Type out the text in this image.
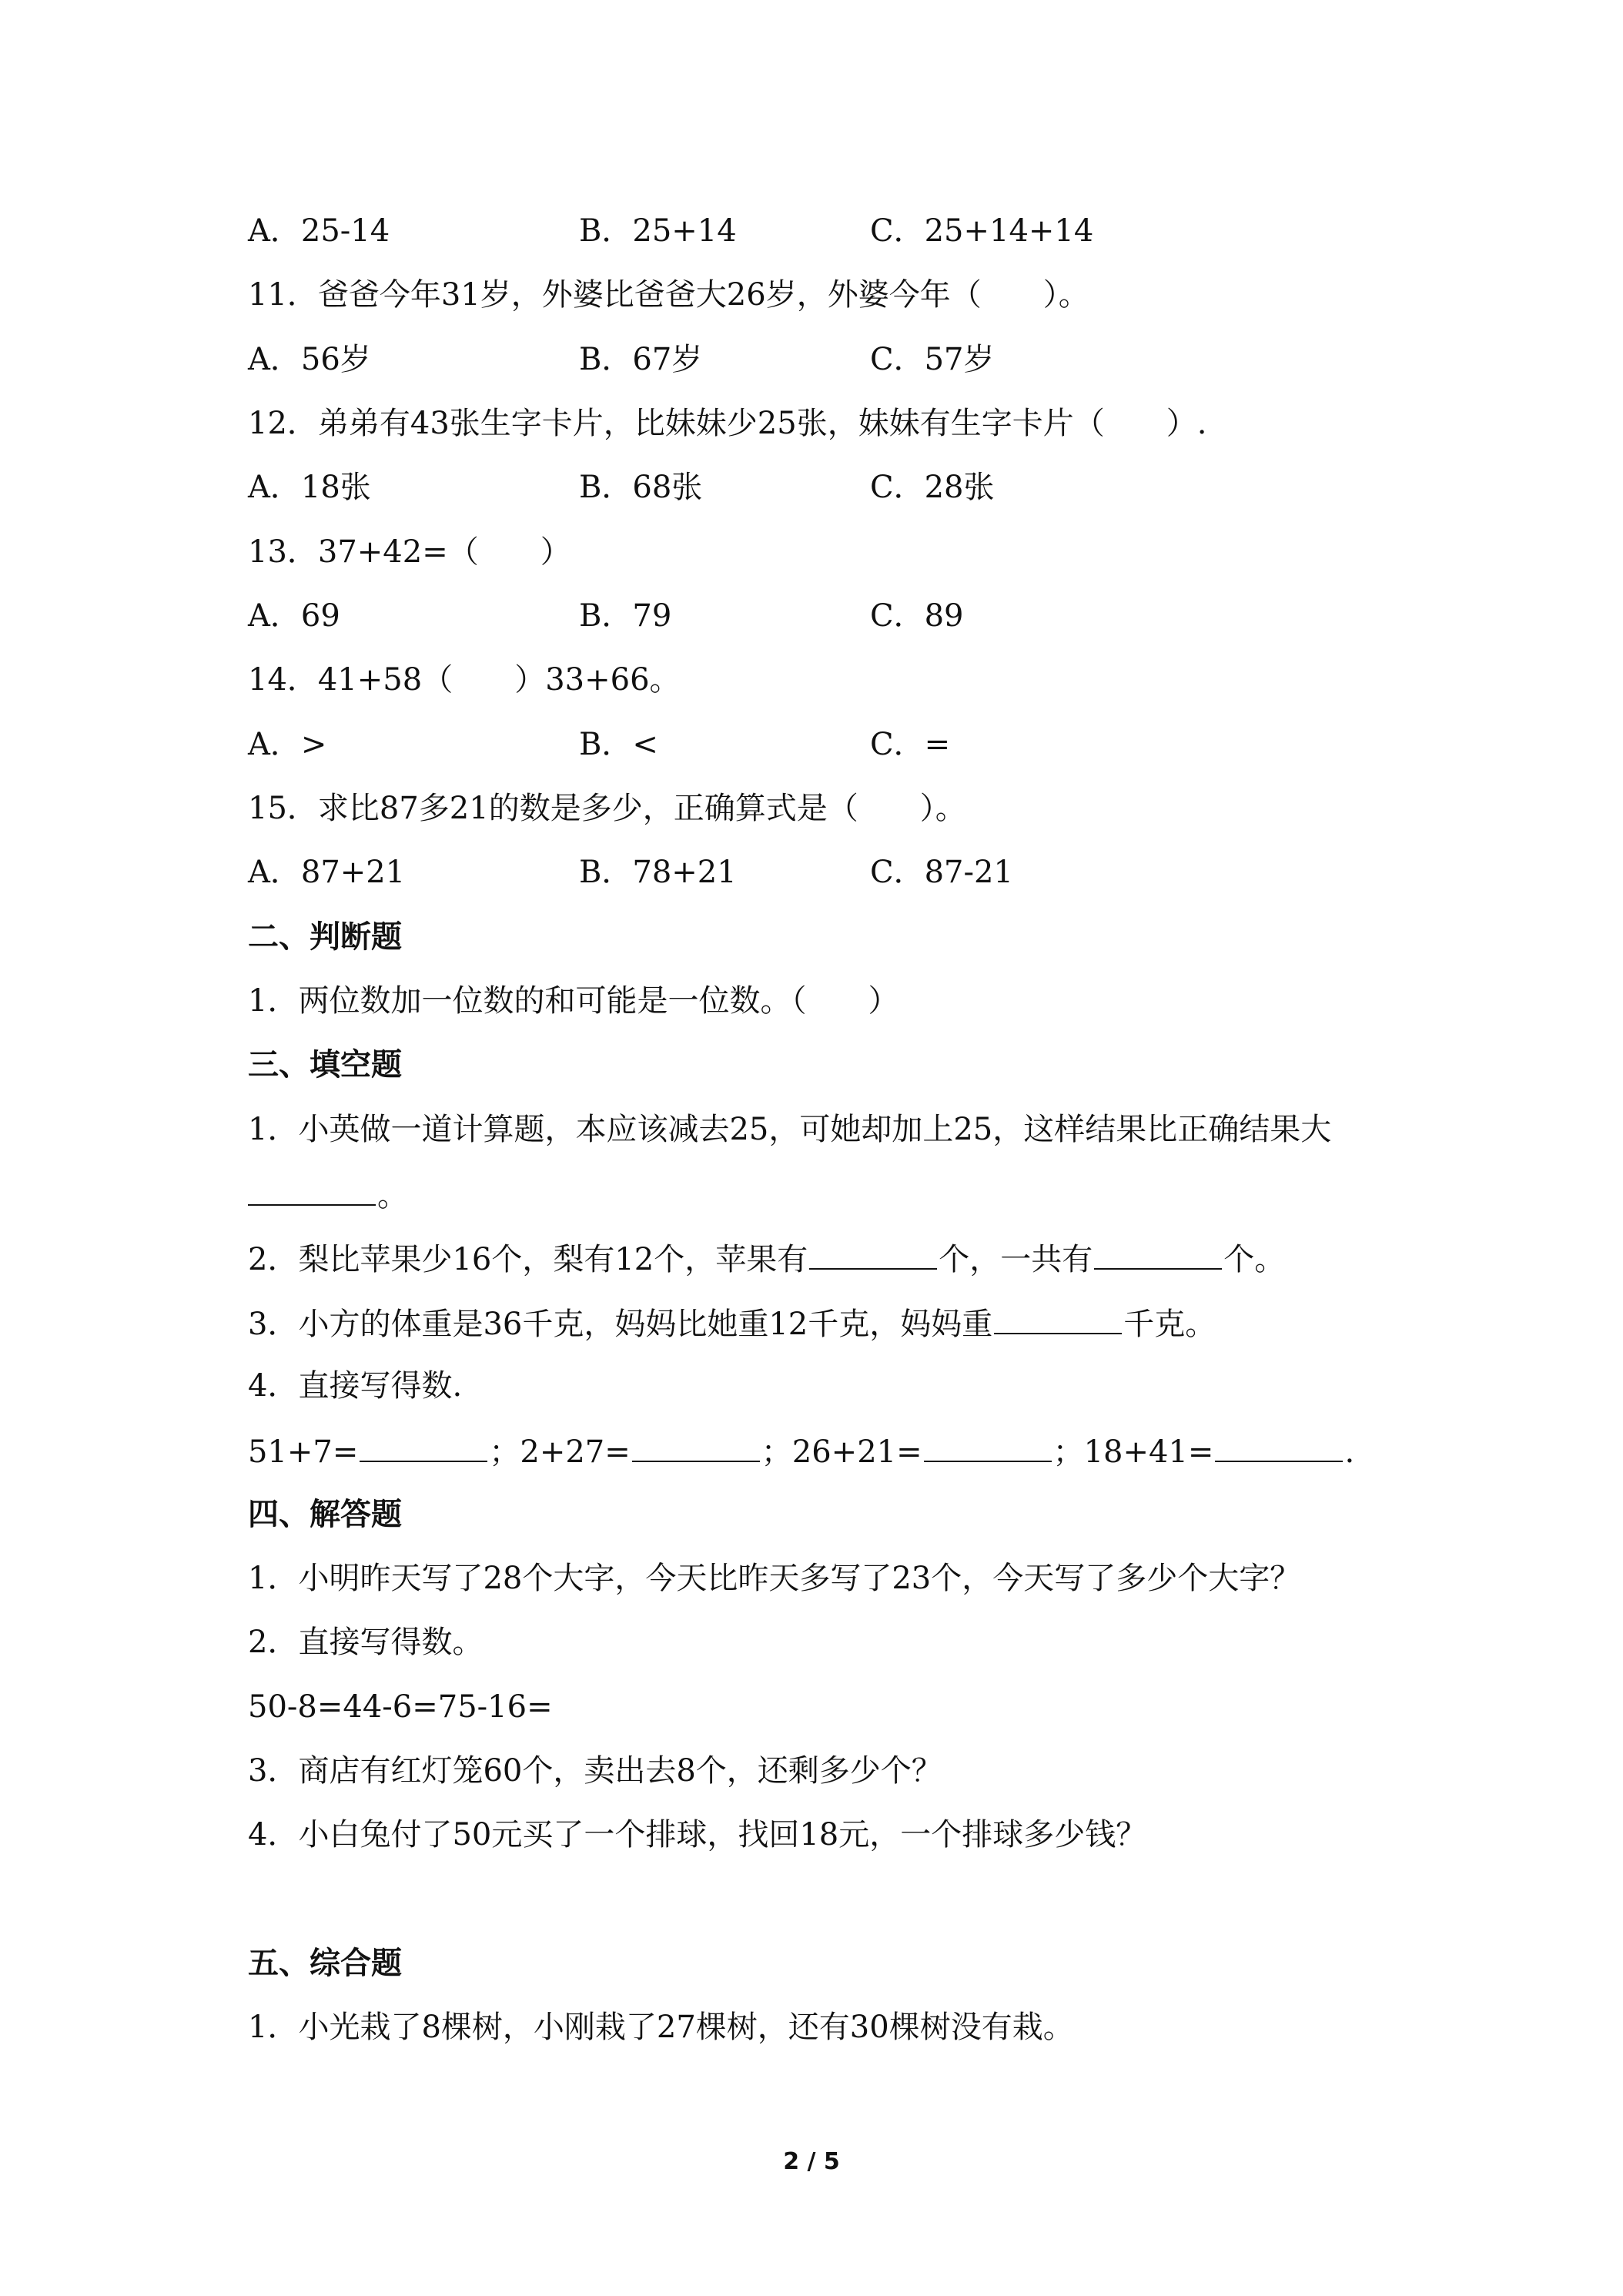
A．25-14	B．25+14	C．25+14+14
11．爸爸今年31岁，外婆比爸爸大26岁，外婆今年（　　）。
A．56岁	B．67岁	C．57岁
12．弟弟有43张生字卡片，比妹妹少25张，妹妹有生字卡片（　　）.
A．18张	B．68张	C．28张
13．37+42=（　　）
A．69	B．79	C．89
14．41+58（　　）33+66。
A．>	B．<	C．=
15．求比87多21的数是多少，正确算式是（　　）。
A．87+21	B．78+21	C．87-21
二、判断题
1．两位数加一位数的和可能是一位数。（　　）
三、填空题
1．小英做一道计算题，本应该减去25，可她却加上25，这样结果比正确结果大
。
2．梨比苹果少16个，梨有12个，苹果有	个，一共有	个。
3．小方的体重是36千克，妈妈比她重12千克，妈妈重	千克。
4．直接写得数.
51+7=	；2+27=	；26+21=	；18+41=	.
四、解答题
1．小明昨天写了28个大字，今天比昨天多写了23个，今天写了多少个大字？
2．直接写得数。
50-8=44-6=75-16=
3．商店有红灯笼60个，卖出去8个，还剩多少个？
4．小白兔付了50元买了一个排球，找回18元，一个排球多少钱？
五、综合题
1．小光栽了8棵树，小刚栽了27棵树，还有30棵树没有栽。
2 / 5
